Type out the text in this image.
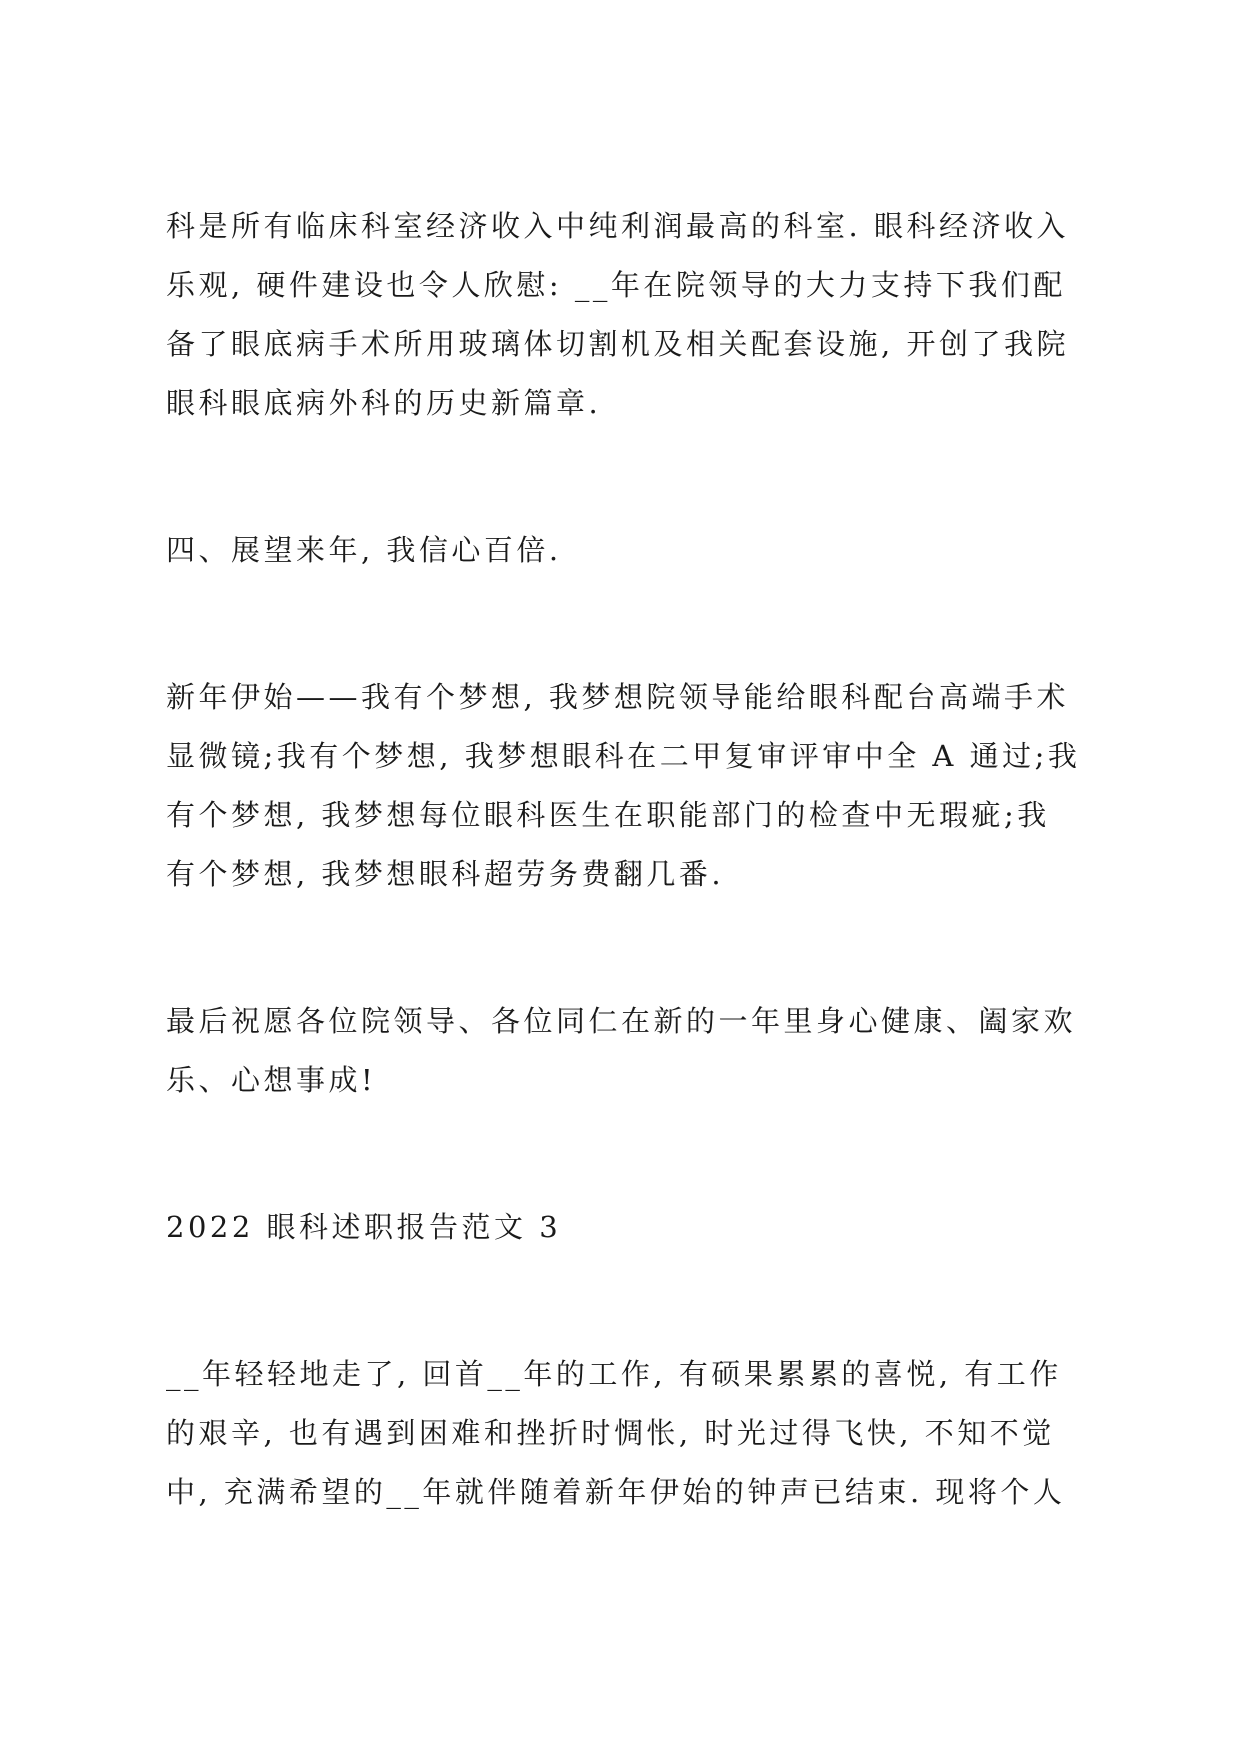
科是所有临床科室经济收入中纯利润最高的科室. 眼科经济收入
乐观, 硬件建设也令人欣慰: __年在院领导的大力支持下我们配
备了眼底病手术所用玻璃体切割机及相关配套设施, 开创了我院
眼科眼底病外科的历史新篇章.

四、展望来年, 我信心百倍.

新年伊始——我有个梦想, 我梦想院领导能给眼科配台高端手术
显微镜;我有个梦想, 我梦想眼科在二甲复审评审中全 A 通过;我
有个梦想, 我梦想每位眼科医生在职能部门的检查中无瑕疵;我
有个梦想, 我梦想眼科超劳务费翻几番.

最后祝愿各位院领导、各位同仁在新的一年里身心健康、阖家欢
乐、心想事成!

2022 眼科述职报告范文 3

__年轻轻地走了, 回首__年的工作, 有硕果累累的喜悦, 有工作
的艰辛, 也有遇到困难和挫折时惆怅, 时光过得飞快, 不知不觉
中, 充满希望的__年就伴随着新年伊始的钟声已结束. 现将个人
